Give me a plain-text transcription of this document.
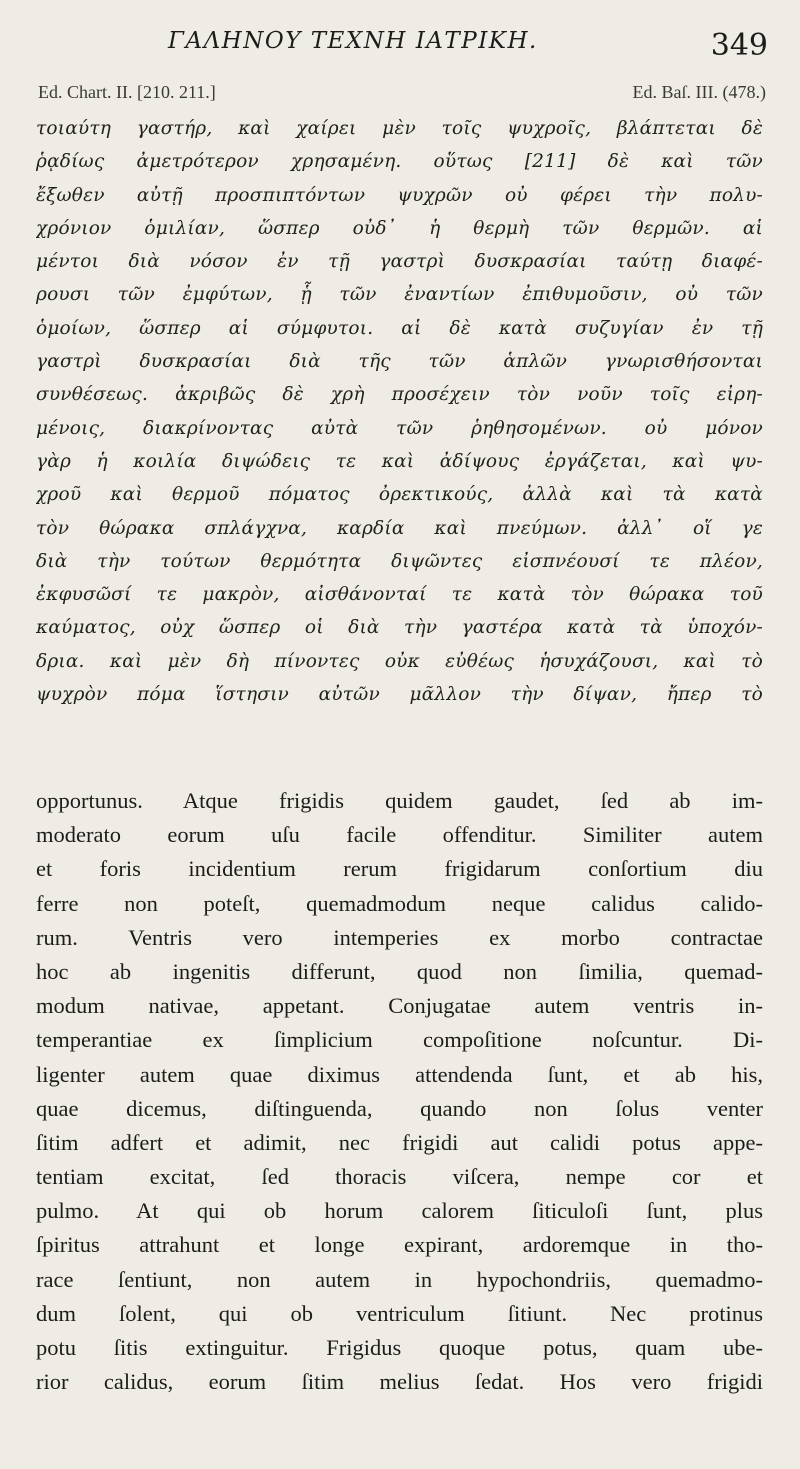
ΓΑΛΗΝΟΥ ΤΕΧΝΗ ΙΑΤΡΙΚΗ.	349
Ed. Chart. II. [210. 211.]	Ed. Baſ. III. (478.)
τοιαύτη γαστήρ, καὶ χαίρει μὲν τοῖς ψυχροῖς, βλάπτεται δὲ
ῥᾳδίως ἀμετρότερον χρησαμένη. οὕτως [211] δὲ καὶ τῶν
ἔξωθεν αὐτῇ προσπιπτόντων ψυχρῶν οὐ φέρει τὴν πολυ-
χρόνιον ὁμιλίαν, ὥσπερ οὐδ᾽ ἡ θερμὴ τῶν θερμῶν. αἱ
μέντοι διὰ νόσον ἐν τῇ γαστρὶ δυσκρασίαι ταύτῃ διαφέ-
ρουσι τῶν ἐμφύτων, ᾗ τῶν ἐναντίων ἐπιθυμοῦσιν, οὐ τῶν
ὁμοίων, ὥσπερ αἱ σύμφυτοι. αἱ δὲ κατὰ συζυγίαν ἐν τῇ
γαστρὶ δυσκρασίαι διὰ τῆς τῶν ἁπλῶν γνωρισθήσονται
συνθέσεως. ἀκριβῶς δὲ χρὴ προσέχειν τὸν νοῦν τοῖς εἰρη-
μένοις, διακρίνοντας αὐτὰ τῶν ῥηθησομένων. οὐ μόνον
γὰρ ἡ κοιλία διψώδεις τε καὶ ἀδίψους ἐργάζεται, καὶ ψυ-
χροῦ καὶ θερμοῦ πόματος ὀρεκτικούς, ἀλλὰ καὶ τὰ κατὰ
τὸν θώρακα σπλάγχνα, καρδία καὶ πνεύμων. ἀλλ᾽ οἵ γε
διὰ τὴν τούτων θερμότητα διψῶντες εἰσπνέουσί τε πλέον,
ἐκφυσῶσί τε μακρὸν, αἰσθάνονταί τε κατὰ τὸν θώρακα τοῦ
καύματος, οὐχ ὥσπερ οἱ διὰ τὴν γαστέρα κατὰ τὰ ὑποχόν-
δρια. καὶ μὲν δὴ πίνοντες οὐκ εὐθέως ἡσυχάζουσι, καὶ τὸ
ψυχρὸν πόμα ἵστησιν αὐτῶν μᾶλλον τὴν δίψαν, ἤπερ τὸ
opportunus. Atque frigidis quidem gaudet, ſed ab im-
moderato eorum uſu facile offenditur. Similiter autem
et foris incidentium rerum frigidarum conſortium diu
ferre non poteſt, quemadmodum neque calidus calido-
rum. Ventris vero intemperies ex morbo contractae
hoc ab ingenitis differunt, quod non ſimilia, quemad-
modum nativae, appetant. Conjugatae autem ventris in-
temperantiae ex ſimplicium compoſitione noſcuntur. Di-
ligenter autem quae diximus attendenda ſunt, et ab his,
quae dicemus, diſtinguenda, quando non ſolus venter
ſitim adfert et adimit, nec frigidi aut calidi potus appe-
tentiam excitat, ſed thoracis viſcera, nempe cor et
pulmo. At qui ob horum calorem ſiticuloſi ſunt, plus
ſpiritus attrahunt et longe expirant, ardoremque in tho-
race ſentiunt, non autem in hypochondriis, quemadmo-
dum ſolent, qui ob ventriculum ſitiunt. Nec protinus
potu ſitis extinguitur. Frigidus quoque potus, quam ube-
rior calidus, eorum ſitim melius ſedat. Hos vero frigidi
